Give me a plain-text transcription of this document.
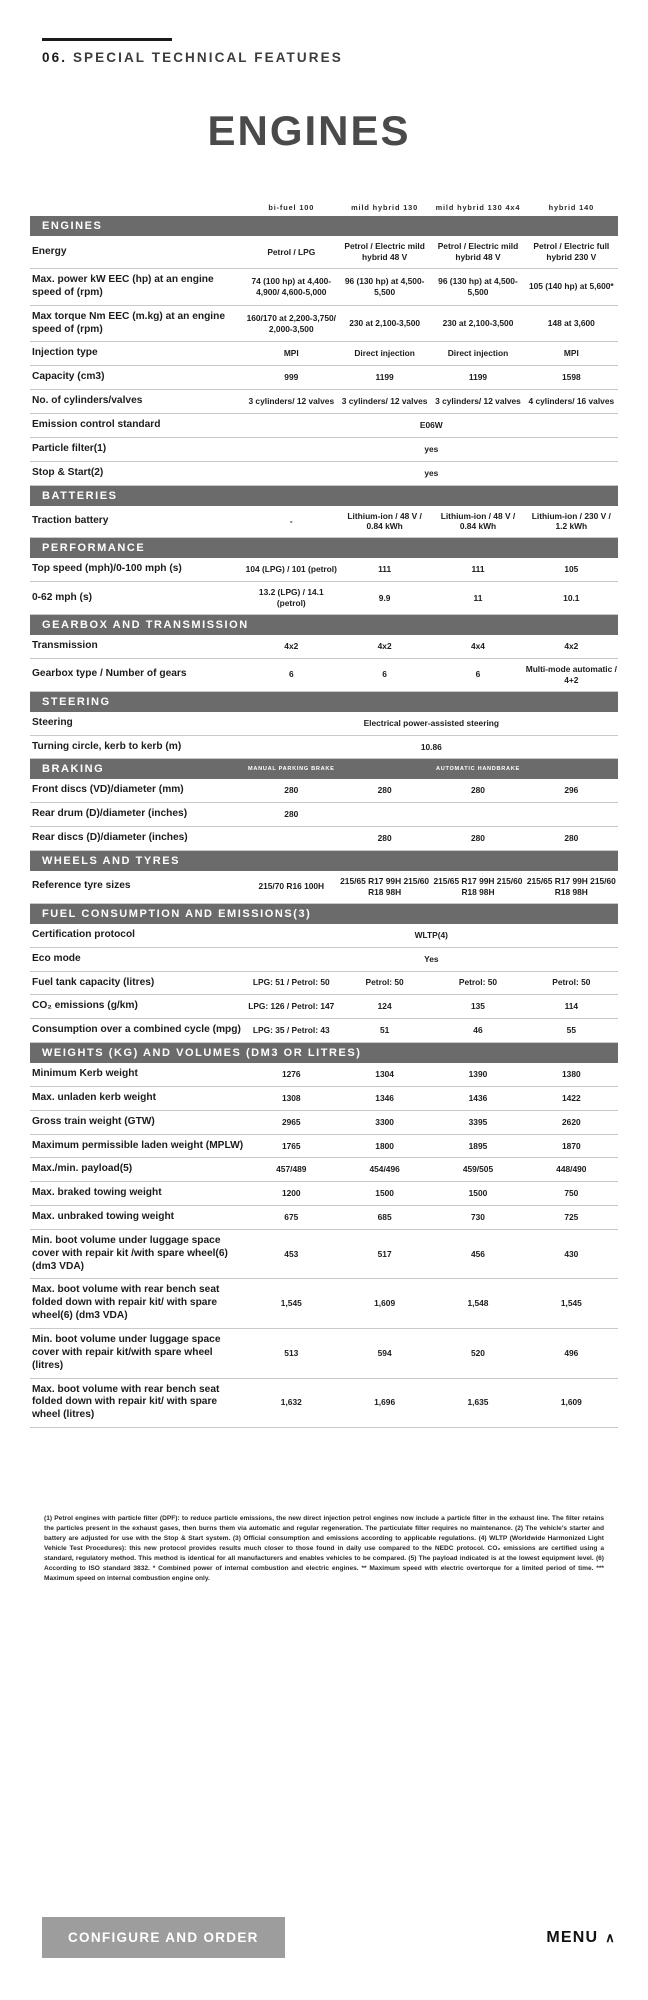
06. SPECIAL TECHNICAL FEATURES
ENGINES
	bi-fuel 100	mild hybrid 130	mild hybrid 130 4x4	hybrid 140
ENGINES				
Energy	Petrol / LPG	Petrol / Electric mild hybrid 48 V	Petrol / Electric mild hybrid 48 V	Petrol / Electric full hybrid 230 V
Max. power kW EEC (hp) at an engine speed of (rpm)	74 (100 hp) at 4,400-4,900/ 4,600-5,000	96 (130 hp) at 4,500-5,500	96 (130 hp) at 4,500-5,500	105 (140 hp) at 5,600*
Max torque Nm EEC (m.kg) at an engine speed of (rpm)	160/170 at 2,200-3,750/ 2,000-3,500	230 at 2,100-3,500	230 at 2,100-3,500	148 at 3,600
Injection type	MPI	Direct injection	Direct injection	MPI
Capacity (cm3)	999	1199	1199	1598
No. of cylinders/valves	3 cylinders/ 12 valves	3 cylinders/ 12 valves	3 cylinders/ 12 valves	4 cylinders/ 16 valves
Emission control standard	E06W			
Particle filter(1)	yes			
Stop & Start(2)	yes			
BATTERIES				
Traction battery	-	Lithium-ion / 48 V / 0.84 kWh	Lithium-ion / 48 V / 0.84 kWh	Lithium-ion / 230 V / 1.2 kWh
PERFORMANCE				
Top speed (mph)/0-100 mph (s)	104 (LPG) / 101 (petrol)	111	111	105
0-62 mph (s)	13.2 (LPG) / 14.1 (petrol)	9.9	11	10.1
GEARBOX AND TRANSMISSION				
Transmission	4x2	4x2	4x4	4x2
Gearbox type / Number of gears	6	6	6	Multi-mode automatic / 4+2
STEERING				
Steering	Electrical power-assisted steering			
Turning circle, kerb to kerb (m)	10.86			

BRAKING MANUAL PARKING BRAKE AUTOMATIC HANDBRAKE				

Front discs (VD)/diameter (mm)	280	280	280	296
Rear drum (D)/diameter (inches)	280			
Rear discs (D)/diameter (inches)		280	280	280
WHEELS AND TYRES				
Reference tyre sizes	215/70 R16 100H	215/65 R17 99H 215/60 R18 98H	215/65 R17 99H 215/60 R18 98H	215/65 R17 99H 215/60 R18 98H
FUEL CONSUMPTION AND EMISSIONS(3)				
Certification protocol	WLTP(4)			
Eco mode	Yes			
Fuel tank capacity (litres)	LPG: 51 / Petrol: 50	Petrol: 50	Petrol: 50	Petrol: 50
CO₂ emissions (g/km)	LPG: 126 / Petrol: 147	124	135	114
Consumption over a combined cycle (mpg)	LPG: 35 / Petrol: 43	51	46	55
WEIGHTS (KG) AND VOLUMES (DM3 OR LITRES)				
Minimum Kerb weight	1276	1304	1390	1380
Max. unladen kerb weight	1308	1346	1436	1422
Gross train weight (GTW)	2965	3300	3395	2620
Maximum permissible laden weight (MPLW)	1765	1800	1895	1870
Max./min. payload(5)	457/489	454/496	459/505	448/490
Max. braked towing weight	1200	1500	1500	750
Max. unbraked towing weight	675	685	730	725
Min. boot volume under luggage space cover with repair kit /with spare wheel(6) (dm3 VDA)	453	517	456	430
Max. boot volume with rear bench seat folded down with repair kit/ with spare wheel(6) (dm3 VDA)	1,545	1,609	1,548	1,545
Min. boot volume under luggage space cover with repair kit/with spare wheel (litres)	513	594	520	496
Max. boot volume with rear bench seat folded down with repair kit/ with spare wheel (litres)	1,632	1,696	1,635	1,609
(1) Petrol engines with particle filter (DPF): to reduce particle emissions, the new direct injection petrol engines now include a particle filter in the exhaust line. The filter retains the particles present in the exhaust gases, then burns them via automatic and regular regeneration. The particulate filter requires no maintenance. (2) The vehicle's starter and battery are adjusted for use with the Stop & Start system. (3) Official consumption and emissions according to applicable regulations. (4) WLTP (Worldwide Harmonized Light Vehicle Test Procedures): this new protocol provides results much closer to those found in daily use compared to the NEDC protocol. CO₂ emissions are certified using a standard, regulatory method. This method is identical for all manufacturers and enables vehicles to be compared. (5) The payload indicated is at the lowest equipment level. (6) According to ISO standard 3832. * Combined power of internal combustion and electric engines. ** Maximum speed with electric overtorque for a limited period of time. *** Maximum speed on internal combustion engine only.
CONFIGURE AND ORDER	MENU ∧
